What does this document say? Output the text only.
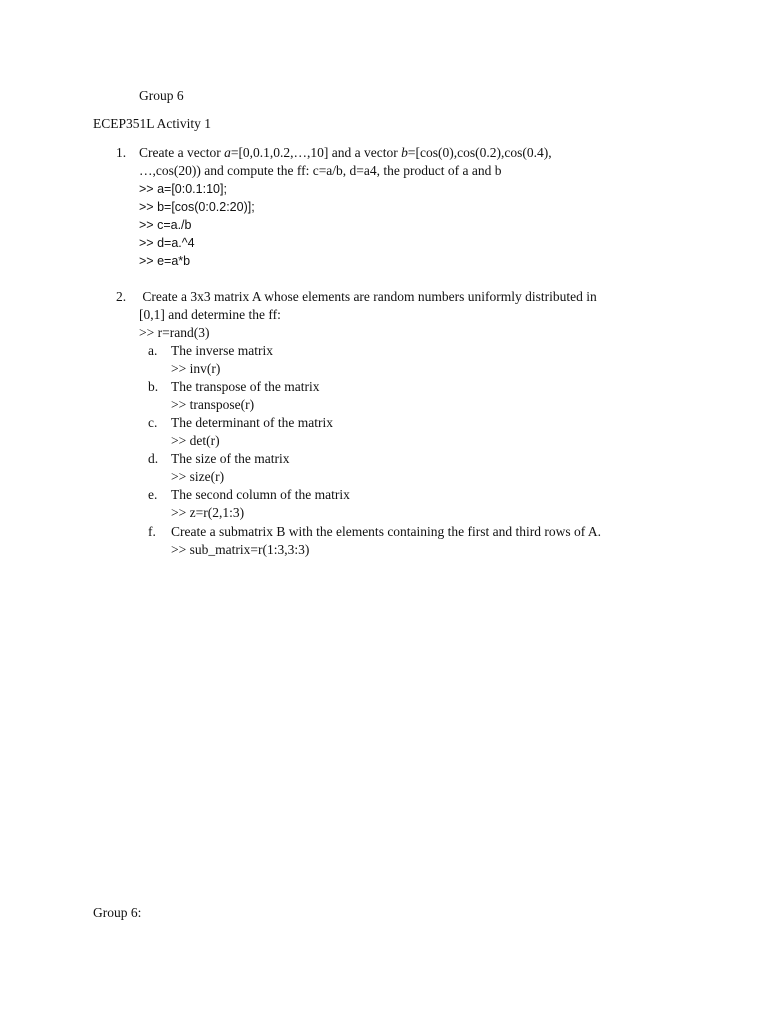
Group 6
ECEP351L Activity 1
1. Create a vector a=[0,0.1,0.2,…,10] and a vector b=[cos(0),cos(0.2),cos(0.4),
…,cos(20)) and compute the ff: c=a/b, d=a4, the product of a and b
>> a=[0:0.1:10];
>> b=[cos(0:0.2:20)];
>> c=a./b
>> d=a.^4
>> e=a*b
2. Create a 3x3 matrix A whose elements are random numbers uniformly distributed in
[0,1] and determine the ff:
>> r=rand(3)
a. The inverse matrix
>> inv(r)
b. The transpose of the matrix
>> transpose(r)
c. The determinant of the matrix
>> det(r)
d. The size of the matrix
>> size(r)
e. The second column of the matrix
>> z=r(2,1:3)
f. Create a submatrix B with the elements containing the first and third rows of A.
>> sub_matrix=r(1:3,3:3)
Group 6:
